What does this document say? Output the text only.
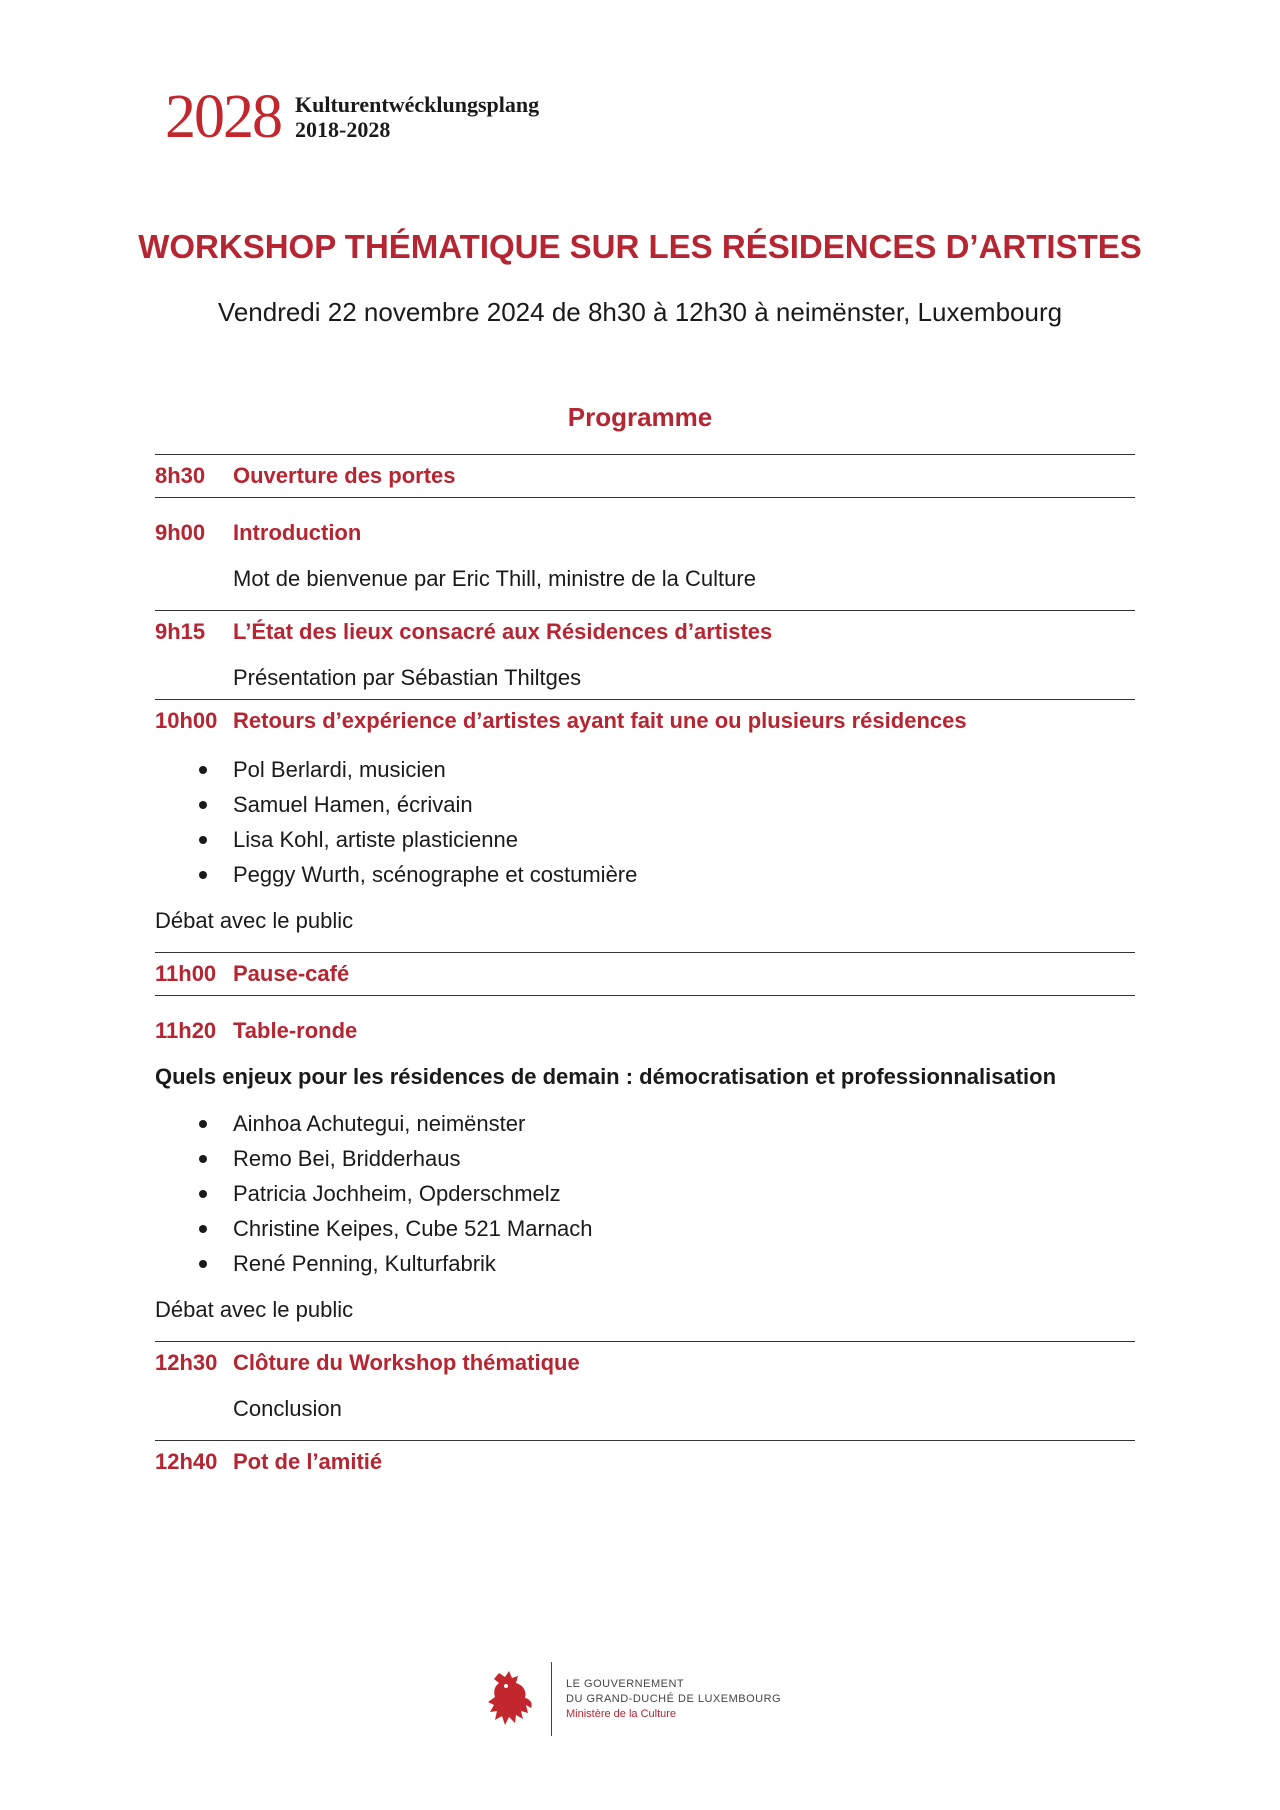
2028 Kulturentwécklungsplang
2018-2028
WORKSHOP THÉMATIQUE SUR LES RÉSIDENCES D’ARTISTES
Vendredi 22 novembre 2024 de 8h30 à 12h30 à neimënster, Luxembourg
Programme
8h30	Ouverture des portes
9h00	Introduction
Mot de bienvenue par Eric Thill, ministre de la Culture
9h15	L’État des lieux consacré aux Résidences d’artistes
Présentation par Sébastian Thiltges
10h00 Retours d’expérience d’artistes ayant fait une ou plusieurs résidences
Pol Berlardi, musicien
Samuel Hamen, écrivain
Lisa Kohl, artiste plasticienne
Peggy Wurth, scénographe et costumière
Débat avec le public
11h00 Pause-café
11h20 Table-ronde
Quels enjeux pour les résidences de demain : démocratisation et professionnalisation
Ainhoa Achutegui, neimënster
Remo Bei, Bridderhaus
Patricia Jochheim, Opderschmelz
Christine Keipes, Cube 521 Marnach
René Penning, Kulturfabrik
Débat avec le public
12h30 Clôture du Workshop thématique
Conclusion
12h40 Pot de l’amitié
LE GOUVERNEMENT
DU GRAND-DUCHÉ DE LUXEMBOURG
Ministère de la Culture
